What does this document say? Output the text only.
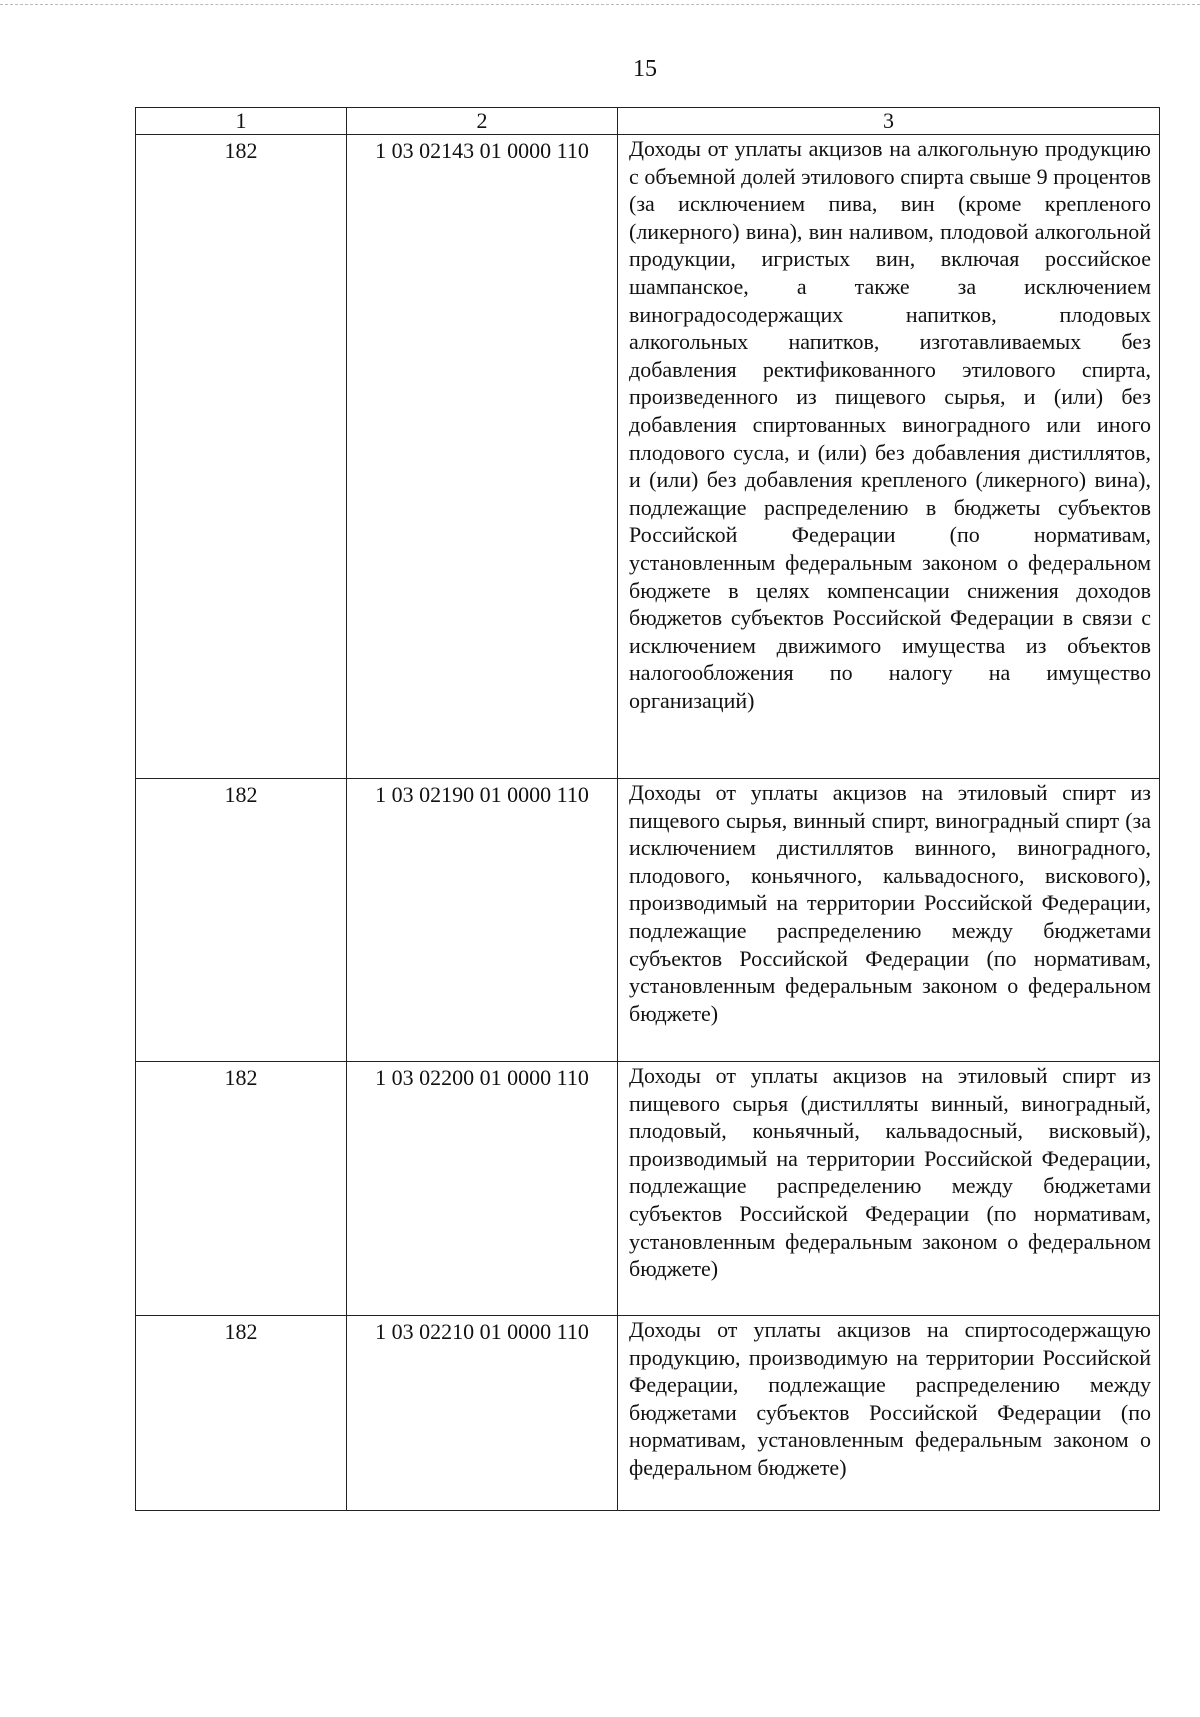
15
1	2	3
182	1 03 02143 01 0000 110	Доходы от уплаты акцизов на алкогольную продукцию с объемной долей этилового спирта свыше 9 процентов (за исключением пива, вин (кроме крепленого (ликерного) вина), вин наливом, плодовой алкогольной продукции, игристых вин, включая российское шампанское, а также за исключением виноградосодержащих напитков, плодовых алкогольных напитков, изготавливаемых без добавления ректификованного этилового спирта, произведенного из пищевого сырья, и (или) без добавления спиртованных виноградного или иного плодового сусла, и (или) без добавления дистиллятов, и (или) без добавления крепленого (ликерного) вина), подлежащие распределению в бюджеты субъектов Российской Федерации (по нормативам, установленным федеральным законом о федеральном бюджете в целях компенсации снижения доходов бюджетов субъектов Российской Федерации в связи с исключением движимого имущества из объектов налогообложения по налогу на имущество организаций)
182	1 03 02190 01 0000 110	Доходы от уплаты акцизов на этиловый спирт из пищевого сырья, винный спирт, виноградный спирт (за исключением дистиллятов винного, виноградного, плодового, коньячного, кальвадосного, вискового), производимый на территории Российской Федерации, подлежащие распределению между бюджетами субъектов Российской Федерации (по нормативам, установленным федеральным законом о федеральном бюджете)
182	1 03 02200 01 0000 110	Доходы от уплаты акцизов на этиловый спирт из пищевого сырья (дистилляты винный, виноградный, плодовый, коньячный, кальвадосный, висковый), производимый на территории Российской Федерации, подлежащие распределению между бюджетами субъектов Российской Федерации (по нормативам, установленным федеральным законом о федеральном бюджете)
182	1 03 02210 01 0000 110	Доходы от уплаты акцизов на спиртосодержащую продукцию, производимую на территории Российской Федерации, подлежащие распределению между бюджетами субъектов Российской Федерации (по нормативам, установленным федеральным законом о федеральном бюджете)
